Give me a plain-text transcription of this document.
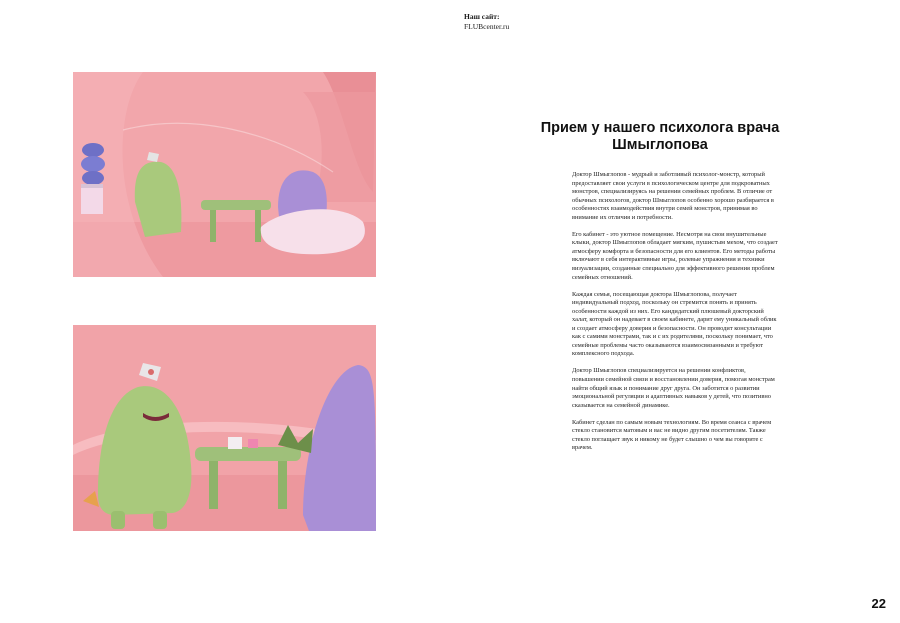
Наш сайт:
FLUBcenter.ru
Прием у нашего психолога врача
Шмыглопова

Доктор Шмыглопов - мудрый и заботливый психолог-монстр, который предоставляет свои услуги в психологическом центре для подкроватных монстров, специализируясь на решении семейных проблем. В отличие от обычных психологов, доктор Шмыглопов особенно хорошо разбирается в особенностях взаимодействия внутри семей монстров, принимая во внимание их отличия и потребности.

Его кабинет - это уютное помещение. Несмотря на свои внушительные клыки, доктор Шмыглопов обладает мягким, пушистым мехом, что создает атмосферу комфорта и безопасности для его клиентов. Его методы работы включают в себя интерактивные игры, ролевые упражнения и техники визуализации, созданные специально для эффективного решения проблем семейных отношений.

Каждая семья, посещающая доктора Шмыглопова, получает индивидуальный подход, поскольку он стремится понять и принять особенности каждой из них. Его кандидатский плюшевый докторский халат, который он надевает в своем кабинете, дарит ему уникальный облик и создает атмосферу доверия и безопасности. Он проводит консультации как с самими монстрами, так и с их родителями, поскольку понимает, что семейные проблемы часто оказываются взаимосвязанными и требуют комплексного подхода.

Доктор Шмыглопов специализируется на решении конфликтов, повышении семейной связи и восстановлении доверия, помогая монстрам найти общий язык и понимание друг друга. Он заботится о развитии эмоциональной регуляции и адаптивных навыков у детей, что позитивно сказывается на семейной динамике.

Кабинет сделан по самым новым технологиям. Во время сеанса с врачем стекло становится матовым и вас не видно другим посетителям. Также стекло поглащает звук и никому не будет слышно о чем вы говорите с врачем.

22
